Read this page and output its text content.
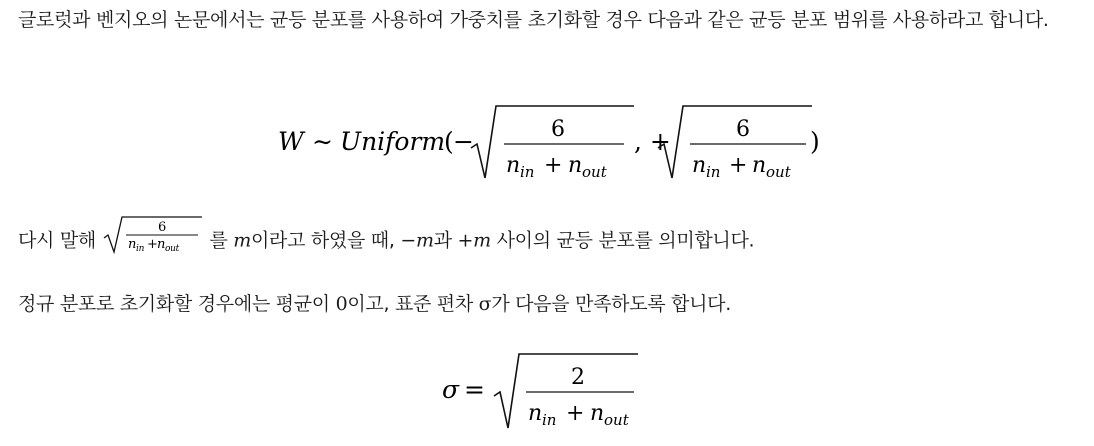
글로럿과 벤지오의 논문에서는 균등 분포를 사용하여 가중치를 초기화할 경우 다음과 같은 균등 분포 범위를 사용하라고 합니다.

W ∼ Uniform
( −	6
n in + n out
, +	6
n in + n out
)

다시 말해
6
n in + n out 를 m이라고 하였을 때, −m과 +m 사이의 균등 분포를 의미합니다.

정규 분포로 초기화할 경우에는 평균이 0이고, 표준 편차 σ가 다음을 만족하도록 합니다.

σ =	2
n in + n out
